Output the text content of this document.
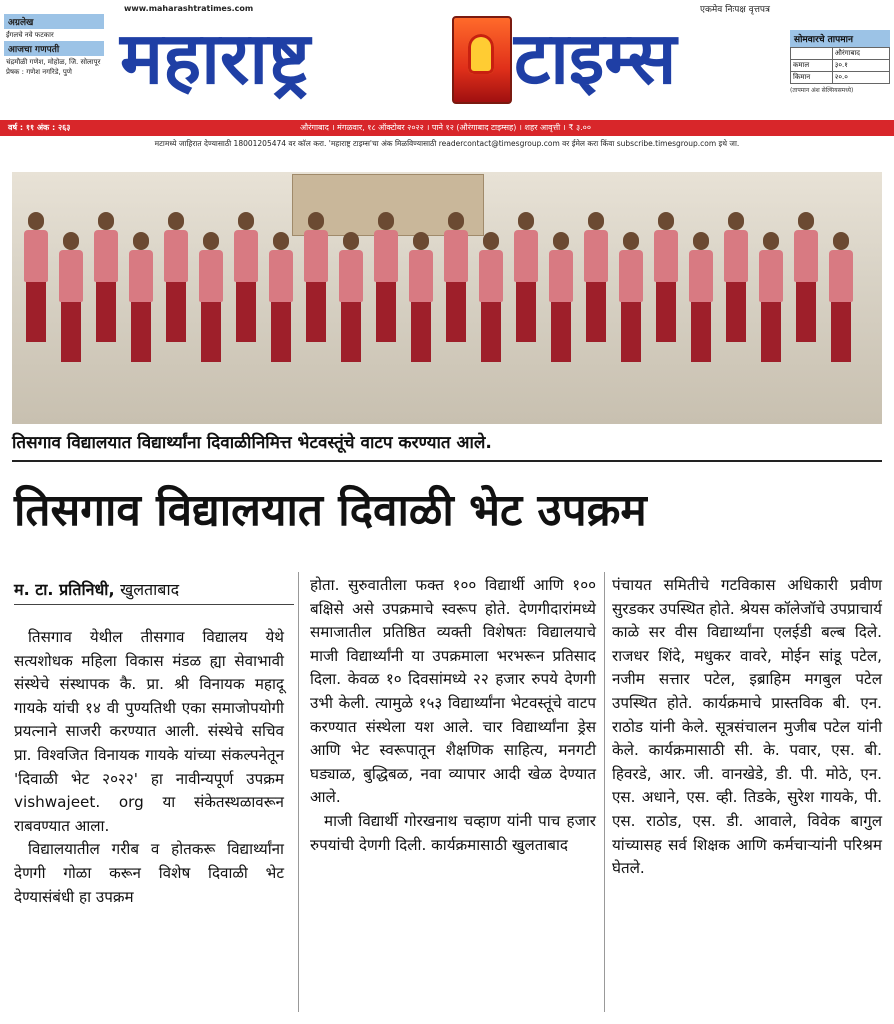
www.maharashtratimes.com	एकमेव निःपक्ष वृत्तपत्र
अग्रलेख
ईंगलचे नवे फटकार
आजचा गणपती
चंद्रमौळी गणेश, मोहोळ, जि. सोलापूर प्रेषक : गणेश नगरिडे, पुणे महाराष्ट्र	टाइम्स	सोमवारचे तापमान
	औरंगाबाद
कमाल	३०.१
किमान	२०.०
(तापमान अंश सेल्सियसमध्ये)
वर्ष : ११ अंक : २६३	औरंगाबाद । मंगळवार, १८ ऑक्टोबर २०२२ । पाने १२ (औरंगाबाद टाइम्सह) । शहर आवृत्ती । ₹ ३.००
मटामध्ये जाहिरात देण्यासाठी 18001205474 वर कॉल करा. 'महाराष्ट्र टाइम्स'चा अंक मिळविण्यासाठी readercontact@timesgroup.com वर ईमेल करा किंवा subscribe.timesgroup.com इथे जा.
तिसगाव विद्यालयात विद्यार्थ्यांना दिवाळीनिमित्त भेटवस्तूंचे वाटप करण्यात आले.
तिसगाव विद्यालयात दिवाळी भेट उपक्रम
म. टा. प्रतिनिधी, खुलताबाद

तिसगाव येथील तीसगाव विद्यालय येथे सत्यशोधक महिला विकास मंडळ ह्या सेवाभावी संस्थेचे संस्थापक कै. प्रा. श्री विनायक महादू गायके यांची १४ वी पुण्यतिथी एका समाजोपयोगी प्रयत्नाने साजरी करण्यात आली. संस्थेचे सचिव प्रा. विश्वजित विनायक गायके यांच्या संकल्पनेतून 'दिवाळी भेट २०२२' हा नावीन्यपूर्ण उपक्रम vishwajeet. org या संकेतस्थळावरून राबवण्यात आला.

विद्यालयातील गरीब व होतकरू विद्यार्थ्यांना देणगी गोळा करून विशेष दिवाळी भेट देण्यासंबंधी हा उपक्रम

होता. सुरुवातीला फक्त १०० विद्यार्थी आणि १०० बक्षिसे असे उपक्रमाचे स्वरूप होते. देणगीदारांमध्ये समाजातील प्रतिष्ठित व्यक्ती विशेषतः विद्यालयाचे माजी विद्यार्थ्यांनी या उपक्रमाला भरभरून प्रतिसाद दिला. केवळ १० दिवसांमध्ये २२ हजार रुपये देणगी उभी केली. त्यामुळे १५३ विद्यार्थ्यांना भेटवस्तूंचे वाटप करण्यात संस्थेला यश आले. चार विद्यार्थ्यांना ड्रेस आणि भेट स्वरूपातून शैक्षणिक साहित्य, मनगटी घड्याळ, बुद्धिबळ, नवा व्यापार आदी खेळ देण्यात आले.

माजी विद्यार्थी गोरखनाथ चव्हाण यांनी पाच हजार रुपयांची देणगी दिली. कार्यक्रमासाठी खुलताबाद

पंचायत समितीचे गटविकास अधिकारी प्रवीण सुरडकर उपस्थित होते. श्रेयस कॉलेजॉचे उपप्राचार्य काळे सर वीस विद्यार्थ्यांना एलईडी बल्ब दिले. राजधर शिंदे, मधुकर वावरे, मोईन सांडू पटेल, नजीम सत्तार पटेल, इब्राहिम मगबुल पटेल उपस्थित होते. कार्यक्रमाचे प्रास्तविक बी. एन. राठोड यांनी केले. सूत्रसंचालन मुजीब पटेल यांनी केले. कार्यक्रमासाठी सी. के. पवार, एस. बी. हिवरडे, आर. जी. वानखेडे, डी. पी. मोठे, एन. एस. अधाने, एस. व्ही. तिडके, सुरेश गायके, पी. एस. राठोड, एस. डी. आवाले, विवेक बागुल यांच्यासह सर्व शिक्षक आणि कर्मचाऱ्यांनी परिश्रम घेतले.
